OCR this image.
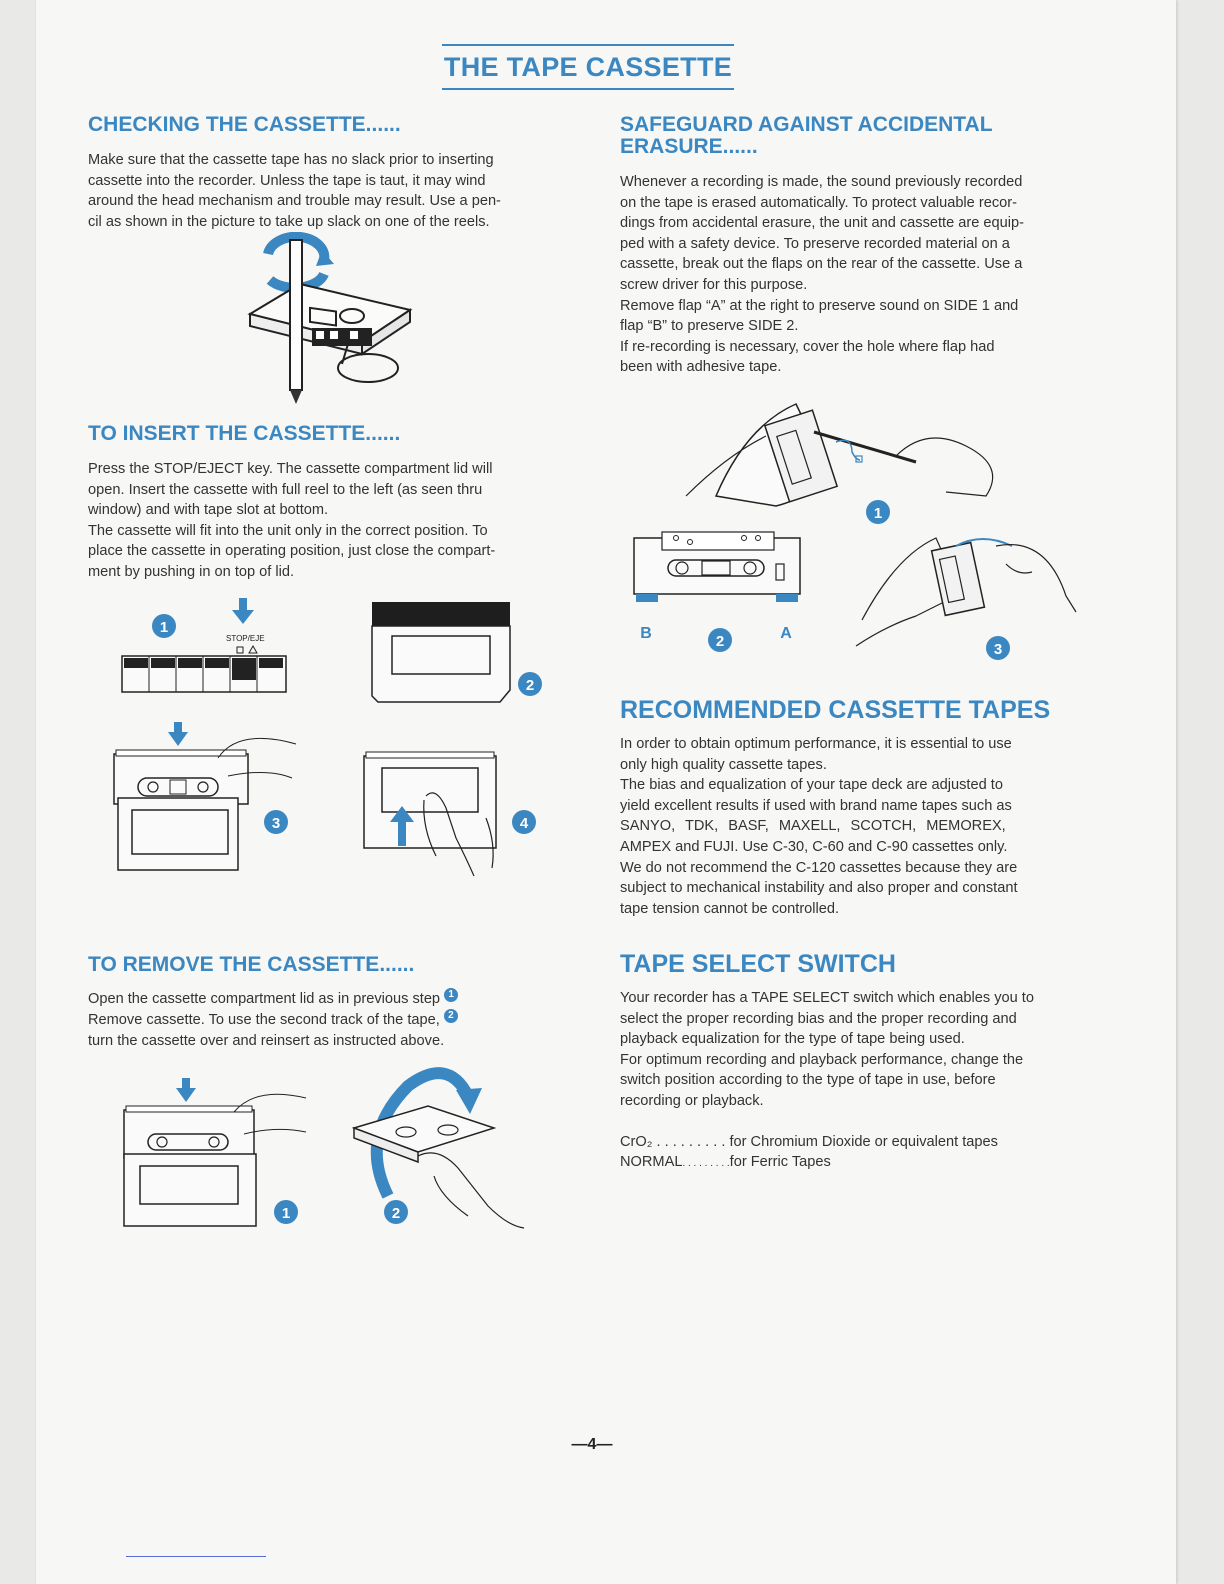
THE TAPE CASSETTE
CHECKING THE CASSETTE......

Make sure that the cassette tape has no slack prior to inserting

cassette into the recorder. Unless the tape is taut, it may wind

around the head mechanism and trouble may result. Use a pen-

cil as shown in the picture to take up slack on one of the reels.

TO INSERT THE CASSETTE......

Press the STOP/EJECT key. The cassette compartment lid will

open. Insert the cassette with full reel to the left (as seen thru

window) and with tape slot at bottom.

The cassette will fit into the unit only in the correct position. To

place the cassette in operating position, just close the compart-

ment by pushing in on top of lid.

1
STOP/EJE
2
3	4
TO REMOVE THE CASSETTE......

Open the cassette compartment lid as in previous step 1

Remove cassette. To use the second track of the tape, 2

turn the cassette over and reinsert as instructed above.

1	2
SAFEGUARD AGAINST ACCIDENTAL
ERASURE......

Whenever a recording is made, the sound previously recorded

on the tape is erased automatically. To protect valuable recor-

dings from accidental erasure, the unit and cassette are equip-

ped with a safety device. To preserve recorded material on a

cassette, break out the flaps on the rear of the cassette. Use a

screw driver for this purpose.

Remove flap “A” at the right to preserve sound on SIDE 1 and

flap “B” to preserve SIDE 2.

If re-recording is necessary, cover the hole where flap had

been with adhesive tape.

1
B	A
2	3
RECOMMENDED CASSETTE TAPES

In order to obtain optimum performance, it is essential to use

only high quality cassette tapes.

The bias and equalization of your tape deck are adjusted to

yield excellent results if used with brand name tapes such as

SANYO, TDK, BASF, MAXELL, SCOTCH, MEMOREX,

AMPEX and FUJI. Use C-30, C-60 and C-90 cassettes only.

We do not recommend the C-120 cassettes because they are

subject to mechanical instability and also proper and constant

tape tension cannot be controlled.

TAPE SELECT SWITCH

Your recorder has a TAPE SELECT switch which enables you to

select the proper recording bias and the proper recording and

playback equalization for the type of tape being used.

For optimum recording and playback performance, change the

switch position according to the type of tape in use, before

recording or playback.

CrO₂ . . . . . . . . . for Chromium Dioxide or equivalent tapes

NORMAL. . . . . . . . .for Ferric Tapes

—4—
